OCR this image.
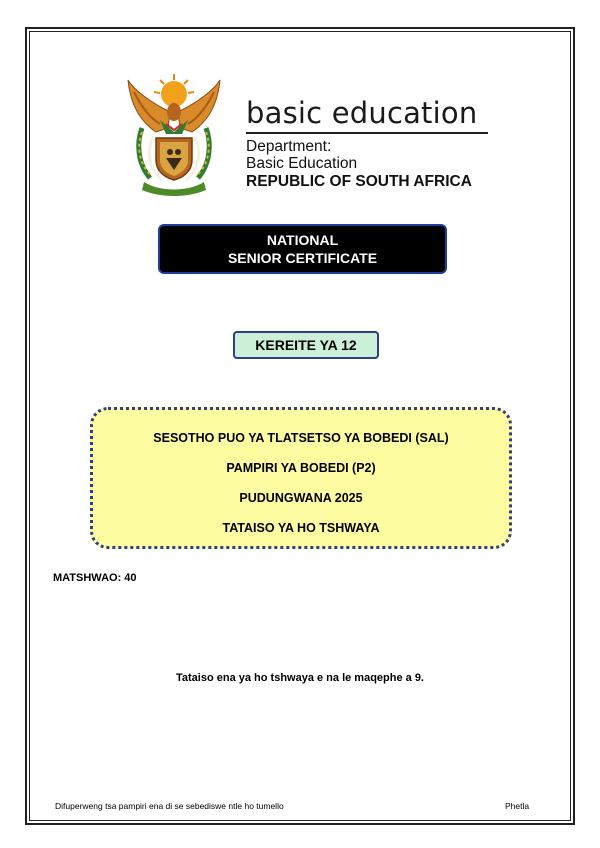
basic education
Department:
Basic Education
REPUBLIC OF SOUTH AFRICA
NATIONAL
SENIOR CERTIFICATE
KEREITE YA 12
SESOTHO PUO YA TLATSETSO YA BOBEDI (SAL)
PAMPIRI YA BOBEDI (P2)
PUDUNGWANA 2025
TATAISO YA HO TSHWAYA
MATSHWAO: 40
Tataiso ena ya ho tshwaya e na le maqephe a 9.
Difuperweng tsa pampiri ena di se sebediswe ntle ho tumello	Phetla
